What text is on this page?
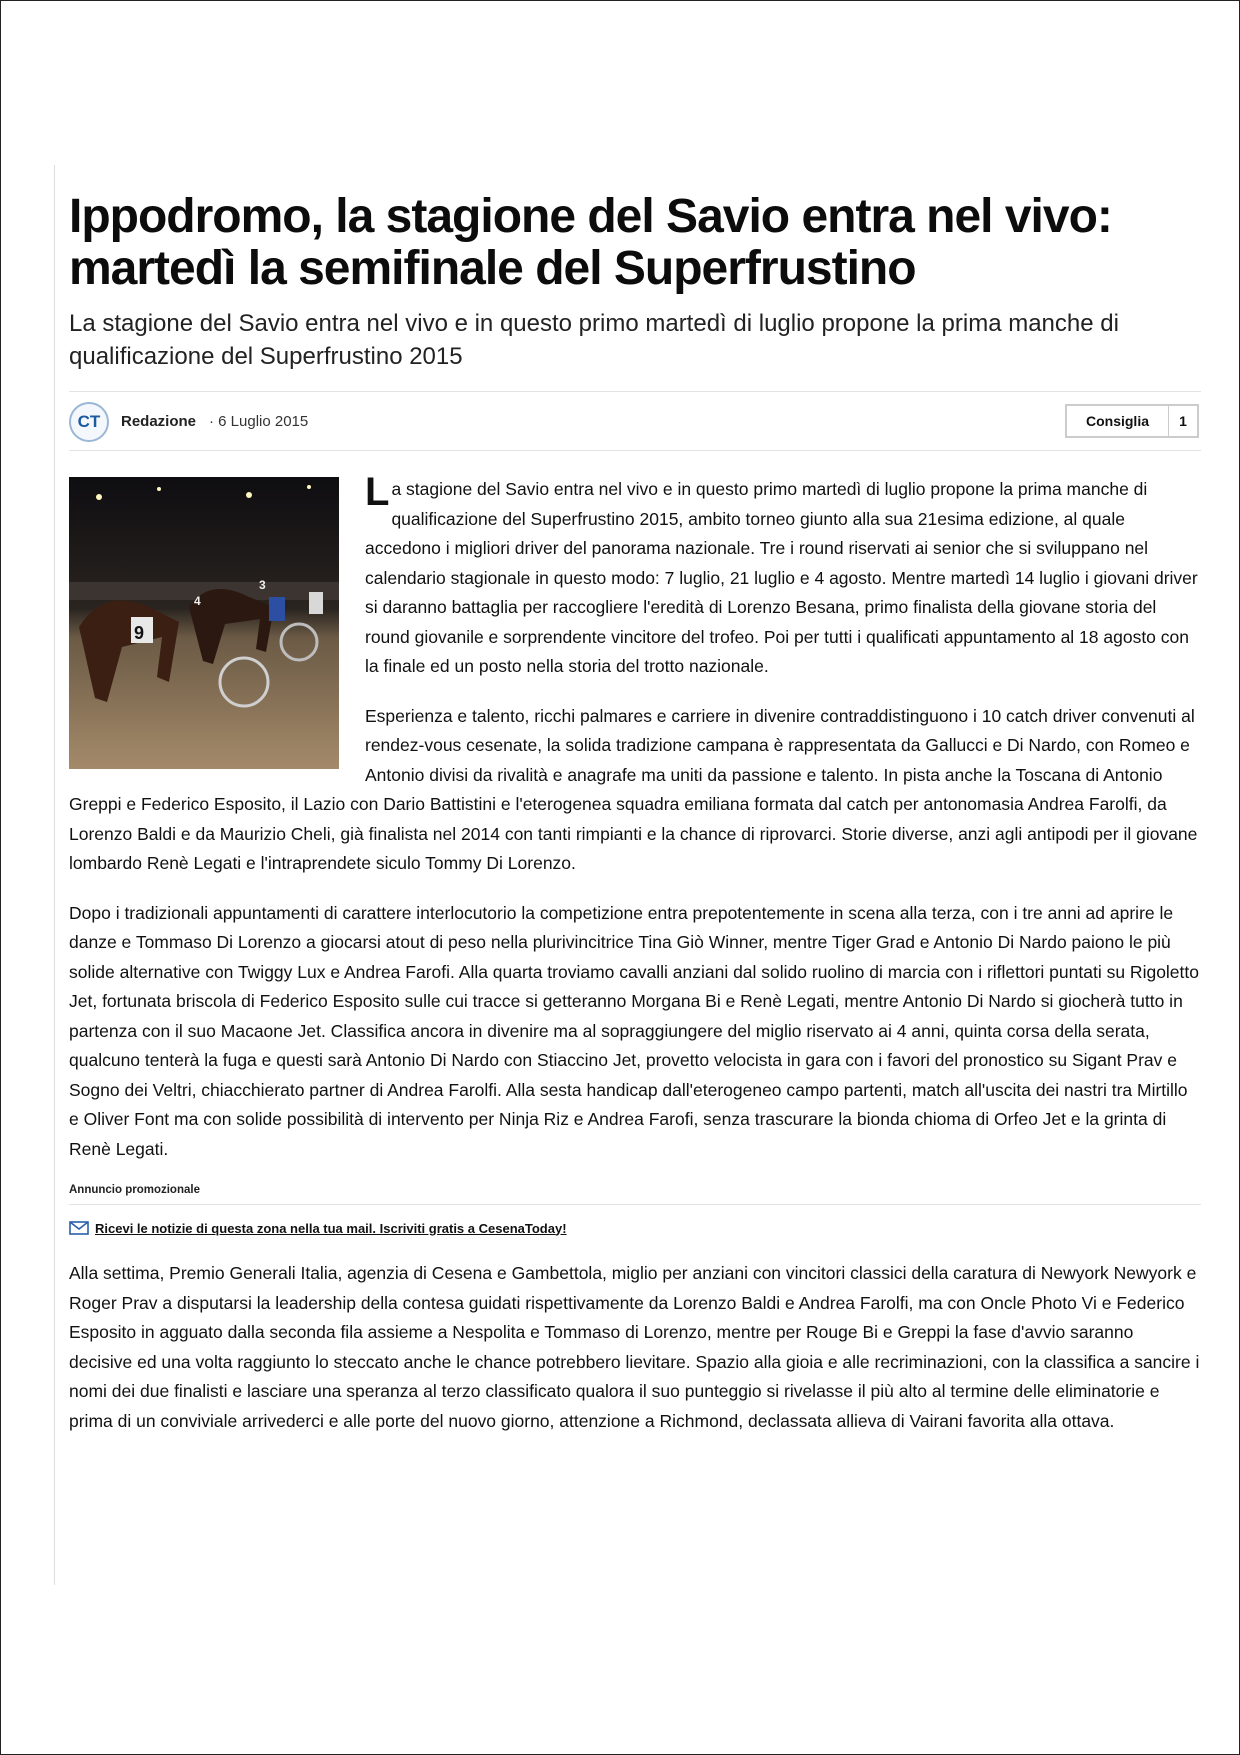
Ippodromo, la stagione del Savio entra nel vivo:
martedì la semifinale del Superfrustino
La stagione del Savio entra nel vivo e in questo primo martedì di luglio propone la prima manche di qualificazione del Superfrustino 2015
CT	Redazione · 6 Luglio 2015	Consiglia	1
9
4
3

La stagione del Savio entra nel vivo e in questo primo martedì di luglio propone la prima manche di qualificazione del Superfrustino 2015, ambito torneo giunto alla sua 21esima edizione, al quale accedono i migliori driver del panorama nazionale. Tre i round riservati ai senior che si sviluppano nel calendario stagionale in questo modo: 7 luglio, 21 luglio e 4 agosto. Mentre martedì 14 luglio i giovani driver si daranno battaglia per raccogliere l'eredità di Lorenzo Besana, primo finalista della giovane storia del round giovanile e sorprendente vincitore del trofeo. Poi per tutti i qualificati appuntamento al 18 agosto con la finale ed un posto nella storia del trotto nazionale.

Esperienza e talento, ricchi palmares e carriere in divenire contraddistinguono i 10 catch driver convenuti al rendez-vous cesenate, la solida tradizione campana è rappresentata da Gallucci e Di Nardo, con Romeo e Antonio divisi da rivalità e anagrafe ma uniti da passione e talento. In pista anche la Toscana di Antonio Greppi e Federico Esposito, il Lazio con Dario Battistini e l'eterogenea squadra emiliana formata dal catch per antonomasia Andrea Farolfi, da Lorenzo Baldi e da Maurizio Cheli, già finalista nel 2014 con tanti rimpianti e la chance di riprovarci. Storie diverse, anzi agli antipodi per il giovane lombardo Renè Legati e l'intraprendete siculo Tommy Di Lorenzo.

Dopo i tradizionali appuntamenti di carattere interlocutorio la competizione entra prepotentemente in scena alla terza, con i tre anni ad aprire le danze e Tommaso Di Lorenzo a giocarsi atout di peso nella plurivincitrice Tina Giò Winner, mentre Tiger Grad e Antonio Di Nardo paiono le più solide alternative con Twiggy Lux e Andrea Farofi. Alla quarta troviamo cavalli anziani dal solido ruolino di marcia con i riflettori puntati su Rigoletto Jet, fortunata briscola di Federico Esposito sulle cui tracce si getteranno Morgana Bi e Renè Legati, mentre Antonio Di Nardo si giocherà tutto in partenza con il suo Macaone Jet. Classifica ancora in divenire ma al sopraggiungere del miglio riservato ai 4 anni, quinta corsa della serata, qualcuno tenterà la fuga e questi sarà Antonio Di Nardo con Stiaccino Jet, provetto velocista in gara con i favori del pronostico su Sigant Prav e Sogno dei Veltri, chiacchierato partner di Andrea Farolfi. Alla sesta handicap dall'eterogeneo campo partenti, match all'uscita dei nastri tra Mirtillo e Oliver Font ma con solide possibilità di intervento per Ninja Riz e Andrea Farofi, senza trascurare la bionda chioma di Orfeo Jet e la grinta di Renè Legati.

Annuncio promozionale
Ricevi le notizie di questa zona nella tua mail. Iscriviti gratis a CesenaToday!

Alla settima, Premio Generali Italia, agenzia di Cesena e Gambettola, miglio per anziani con vincitori classici della caratura di Newyork Newyork e Roger Prav a disputarsi la leadership della contesa guidati rispettivamente da Lorenzo Baldi e Andrea Farolfi, ma con Oncle Photo Vi e Federico Esposito in agguato dalla seconda fila assieme a Nespolita e Tommaso di Lorenzo, mentre per Rouge Bi e Greppi la fase d'avvio saranno decisive ed una volta raggiunto lo steccato anche le chance potrebbero lievitare. Spazio alla gioia e alle recriminazioni, con la classifica a sancire i nomi dei due finalisti e lasciare una speranza al terzo classificato qualora il suo punteggio si rivelasse il più alto al termine delle eliminatorie e prima di un conviviale arrivederci e alle porte del nuovo giorno, attenzione a Richmond, declassata allieva di Vairani favorita alla ottava.
